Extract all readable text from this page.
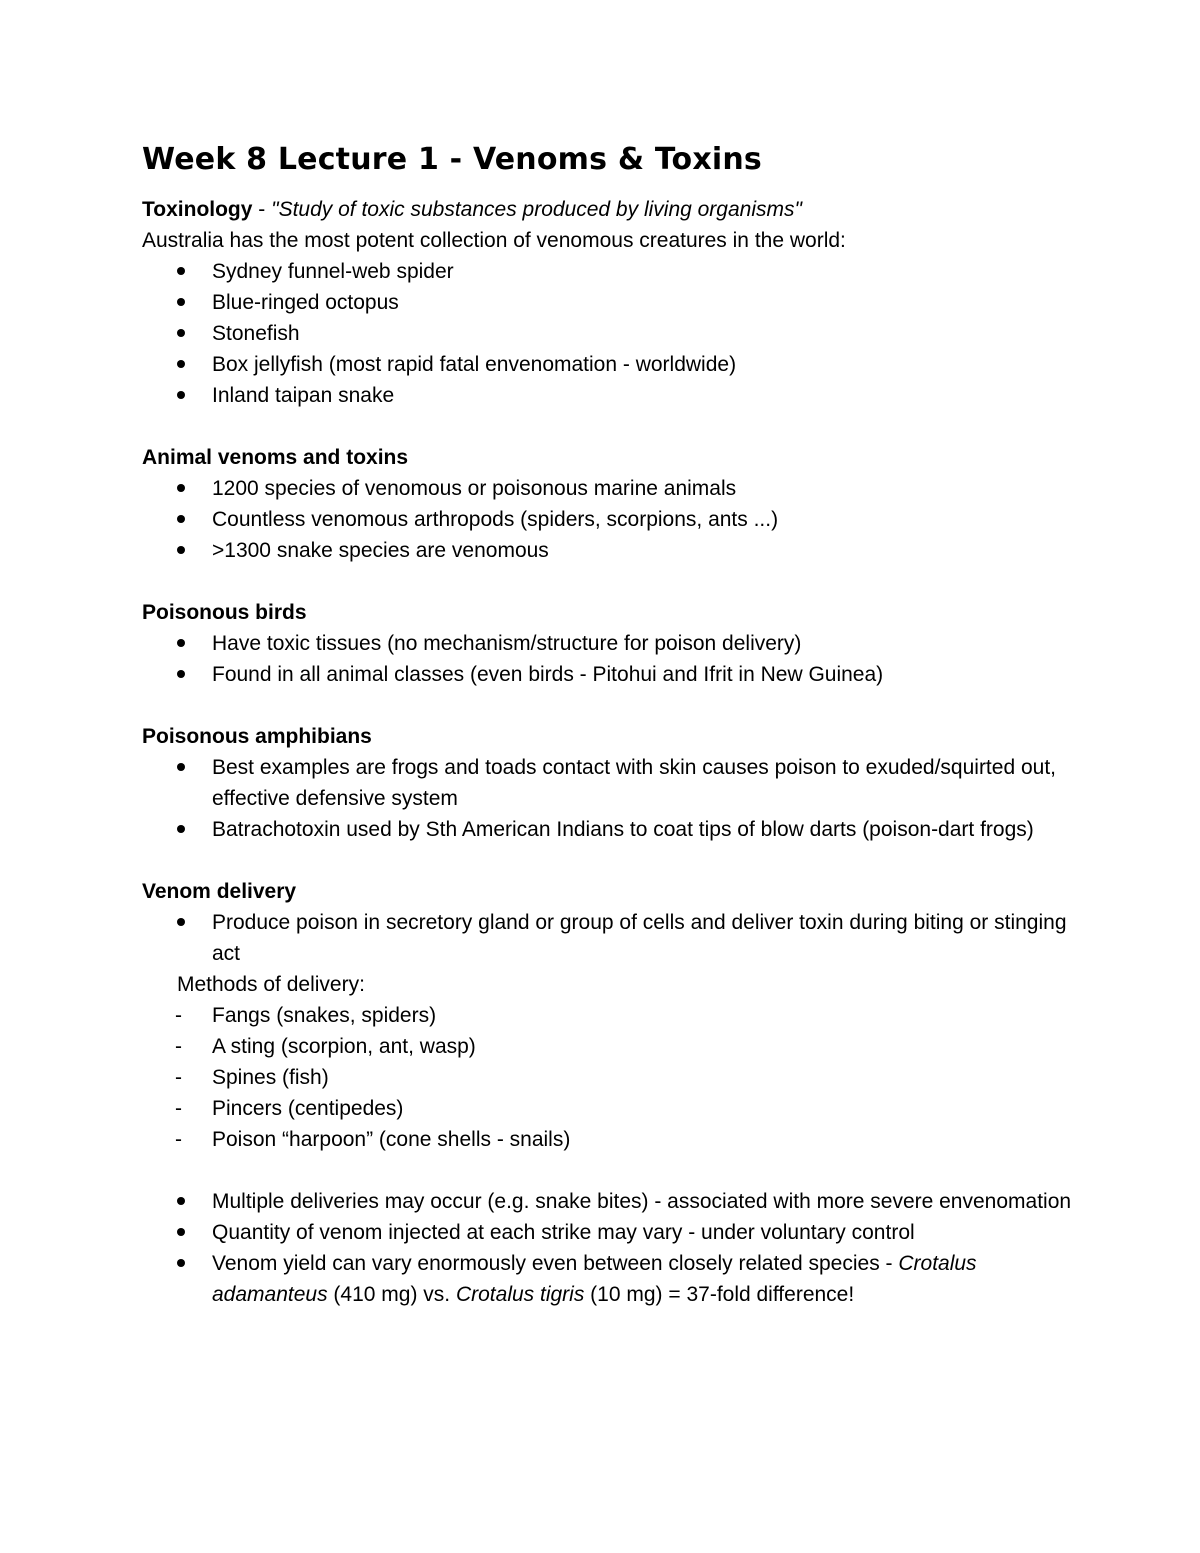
Week 8 Lecture 1 - Venoms & Toxins

Toxinology - "Study of toxic substances produced by living organisms"

Australia has the most potent collection of venomous creatures in the world:

Sydney funnel-web spider
Blue-ringed octopus
Stonefish
Box jellyfish (most rapid fatal envenomation - worldwide)
Inland taipan snake

Animal venoms and toxins

1200 species of venomous or poisonous marine animals
Countless venomous arthropods (spiders, scorpions, ants ...)
>1300 snake species are venomous

Poisonous birds

Have toxic tissues (no mechanism/structure for poison delivery)
Found in all animal classes (even birds - Pitohui and Ifrit in New Guinea)

Poisonous amphibians

Best examples are frogs and toads contact with skin causes poison to exuded/squirted out, effective defensive system
Batrachotoxin used by Sth American Indians to coat tips of blow darts (poison-dart frogs)

Venom delivery

Produce poison in secretory gland or group of cells and deliver toxin during biting or stinging act

Methods of delivery:

- Fangs (snakes, spiders)
- A sting (scorpion, ant, wasp)
- Spines (fish)
- Pincers (centipedes)
- Poison “harpoon” (cone shells - snails)
Multiple deliveries may occur (e.g. snake bites) - associated with more severe envenomation
Quantity of venom injected at each strike may vary - under voluntary control
Venom yield can vary enormously even between closely related species - Crotalus adamanteus (410 mg) vs. Crotalus tigris (10 mg) = 37-fold difference!
